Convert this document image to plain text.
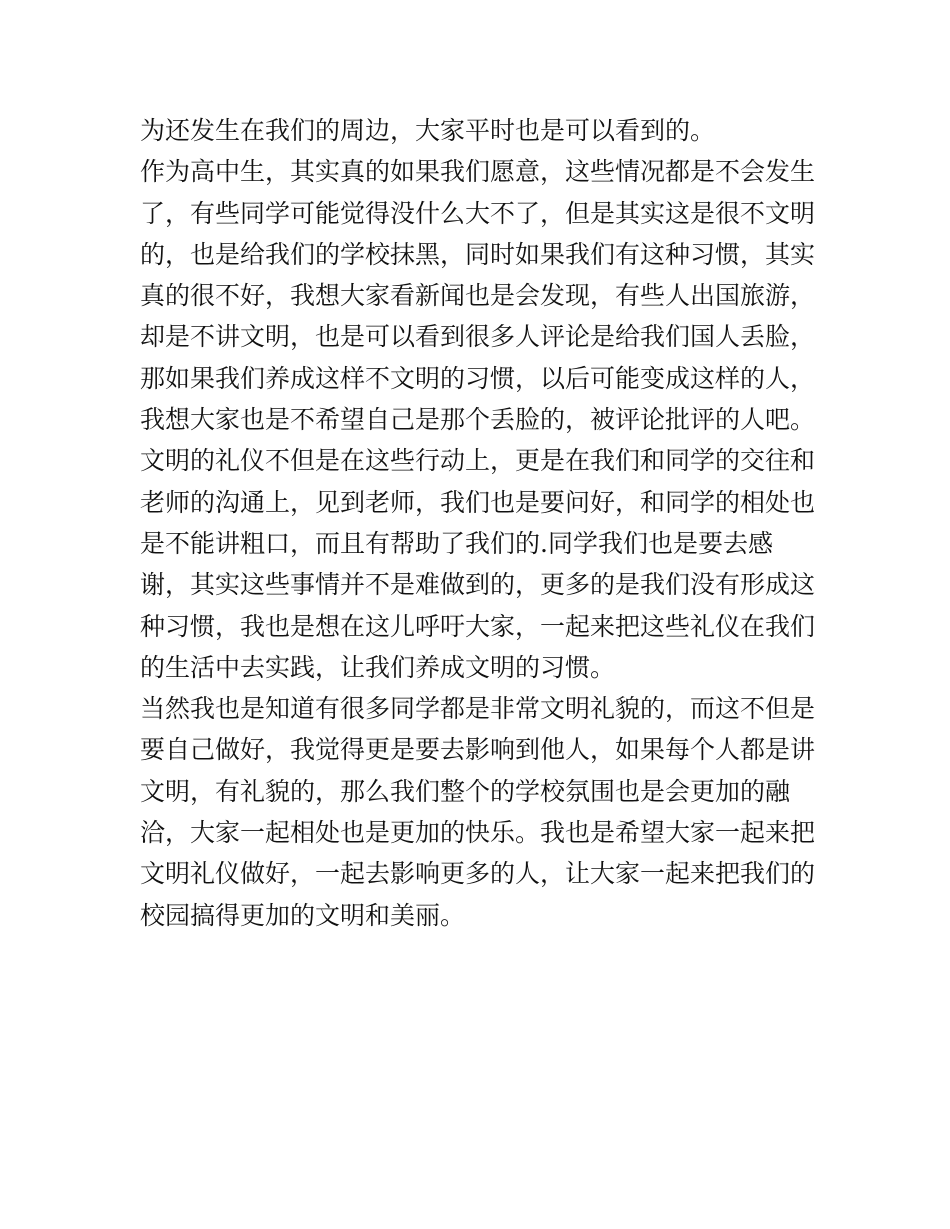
为还发生在我们的周边，大家平时也是可以看到的。
作为高中生，其实真的如果我们愿意，这些情况都是不会发生
了，有些同学可能觉得没什么大不了，但是其实这是很不文明
的，也是给我们的学校抹黑，同时如果我们有这种习惯，其实
真的很不好，我想大家看新闻也是会发现，有些人出国旅游，
却是不讲文明，也是可以看到很多人评论是给我们国人丢脸，
那如果我们养成这样不文明的习惯，以后可能变成这样的人，
我想大家也是不希望自己是那个丢脸的，被评论批评的人吧。
文明的礼仪不但是在这些行动上，更是在我们和同学的交往和
老师的沟通上，见到老师，我们也是要问好，和同学的相处也
是不能讲粗口，而且有帮助了我们的.同学我们也是要去感
谢，其实这些事情并不是难做到的，更多的是我们没有形成这
种习惯，我也是想在这儿呼吁大家，一起来把这些礼仪在我们
的生活中去实践，让我们养成文明的习惯。
当然我也是知道有很多同学都是非常文明礼貌的，而这不但是
要自己做好，我觉得更是要去影响到他人，如果每个人都是讲
文明，有礼貌的，那么我们整个的学校氛围也是会更加的融
洽，大家一起相处也是更加的快乐。我也是希望大家一起来把
文明礼仪做好，一起去影响更多的人，让大家一起来把我们的
校园搞得更加的文明和美丽。
